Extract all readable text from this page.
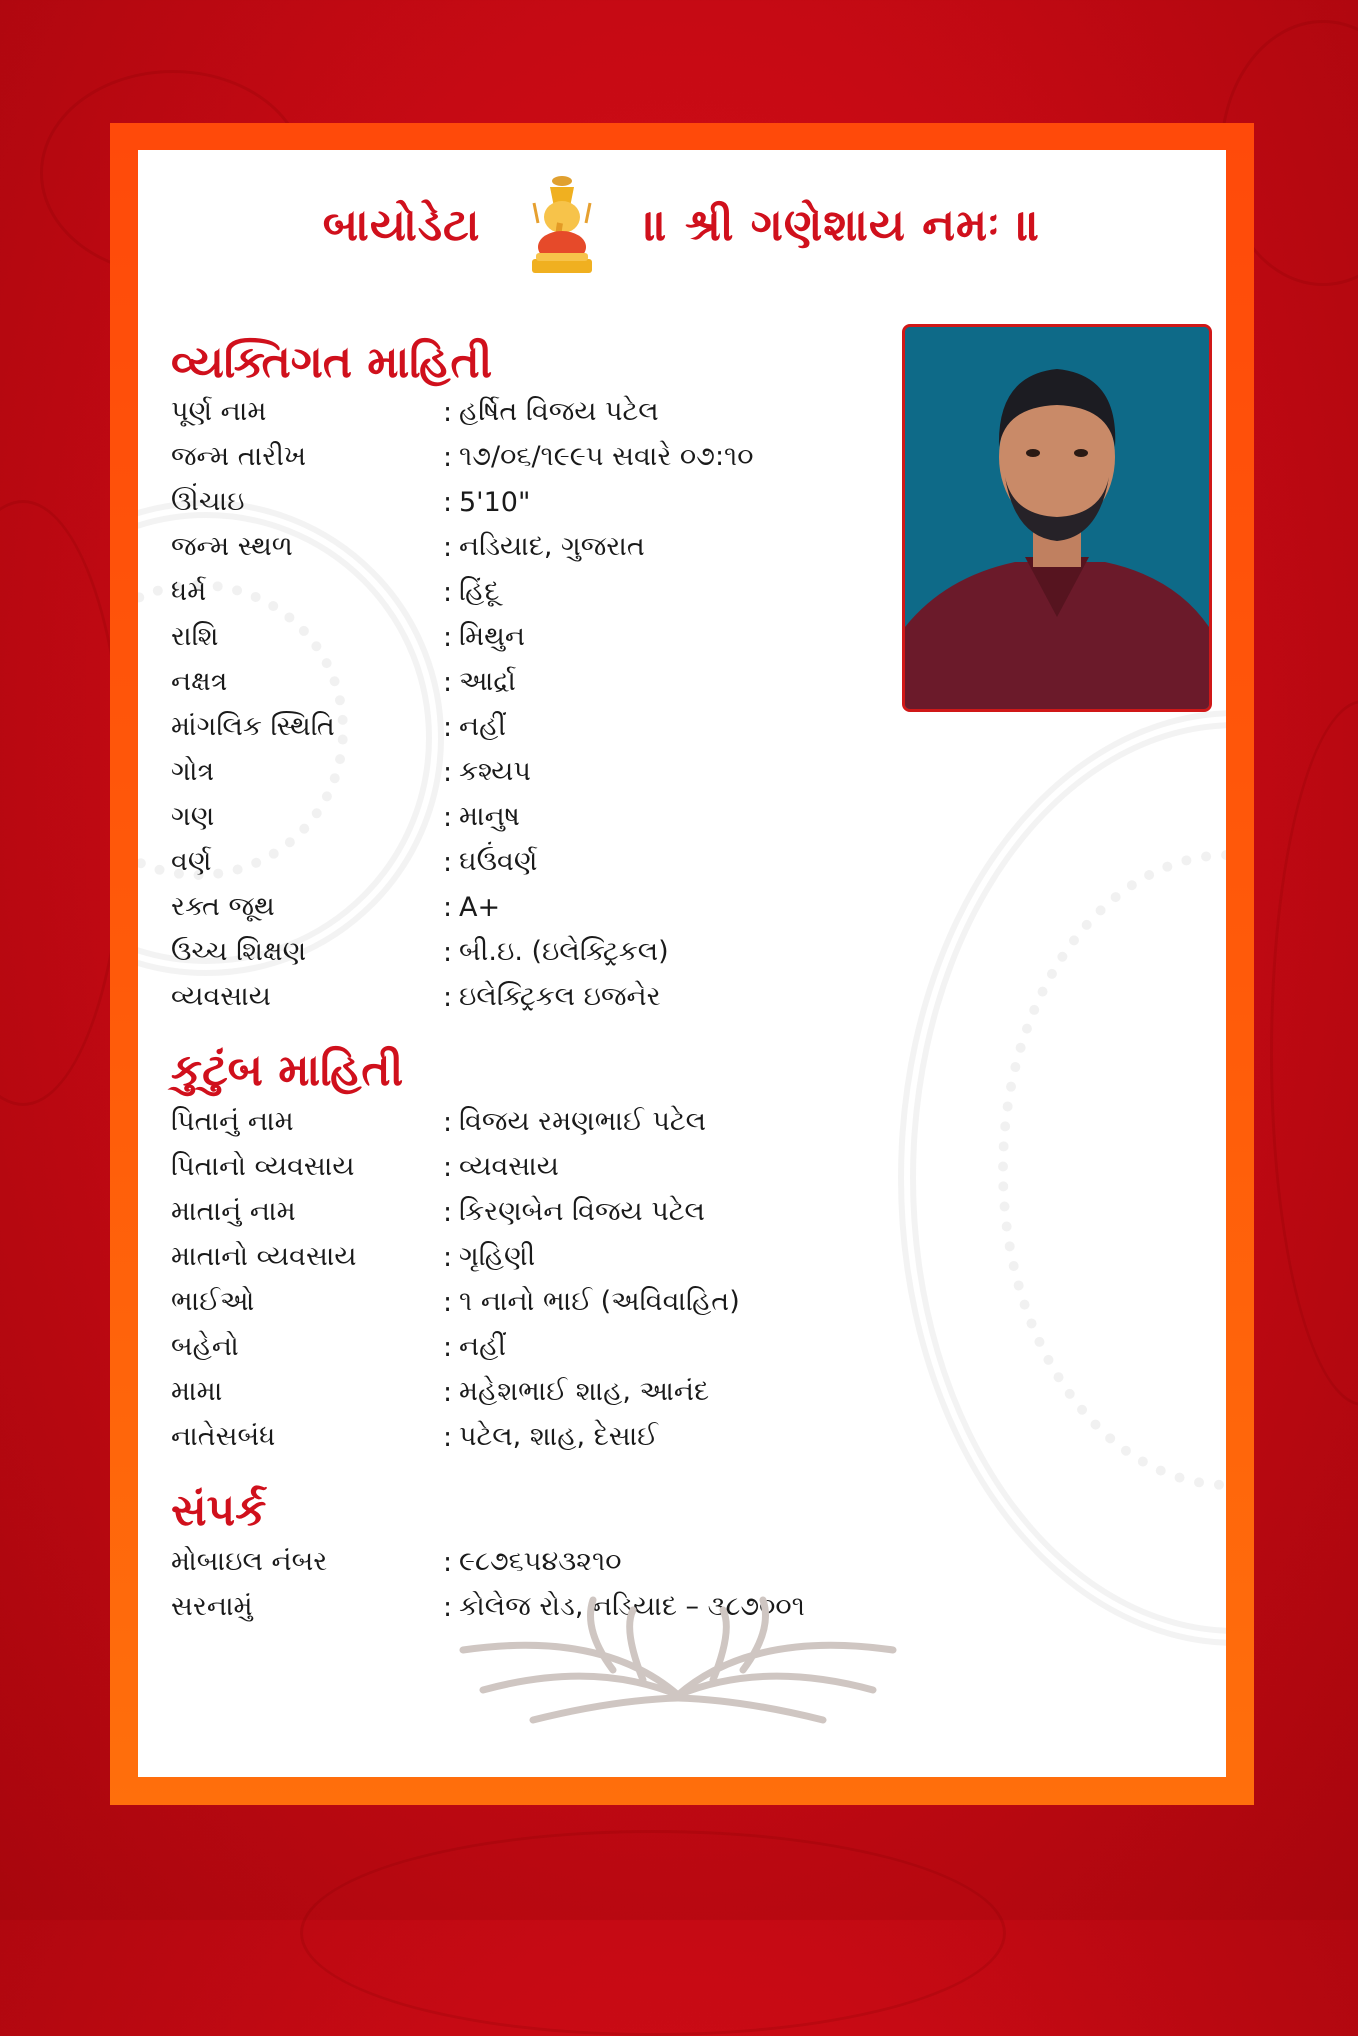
બાયોડેટા	॥ શ્રી ગણેશાય નમઃ ॥
વ્યક્તિગત માહિતી
પૂર્ણ નામ	: હર્ષિત વિજય પટેલ
જન્મ તારીખ	: ૧૭/૦૬/૧૯૯૫ સવારે ૦૭:૧૦
ઊંચાઇ	: 5'10"
જન્મ સ્થળ	: નડિયાદ, ગુજરાત
ધર્મ	: હિંદૂ
રાશિ	: મિથુન
નક્ષત્ર	: આર્દ્રા
માંગલિક સ્થિતિ	: નહીં
ગોત્ર	: કશ્યપ
ગણ	: માનુષ
વર્ણ	: ઘઉંવર્ણ
રક્ત જૂથ	: A+
ઉચ્ચ શિક્ષણ	: બી.ઇ. (ઇલેક્ટ્રિકલ)
વ્યવસાય	: ઇલેક્ટ્રિકલ ઇજનેર
કુટુંબ માહિતી
પિતાનું નામ	: વિજય રમણભાઈ પટેલ
પિતાનો વ્યવસાય	: વ્યવસાય
માતાનું નામ	: કિરણબેન વિજય પટેલ
માતાનો વ્યવસાય	: ગૃહિણી
ભાઈઓ	: ૧ નાનો ભાઈ (અવિવાહિત)
બહેનો	: નહીં
મામા	: મહેશભાઈ શાહ, આનંદ
નાતેસબંધ	: પટેલ, શાહ, દેસાઈ
સંપર્ક
મોબાઇલ નંબર	: ૯૮૭૬૫૪૩૨૧૦
સરનામું	: કોલેજ રોડ, નડિયાદ – ૩૮૭૦૦૧
